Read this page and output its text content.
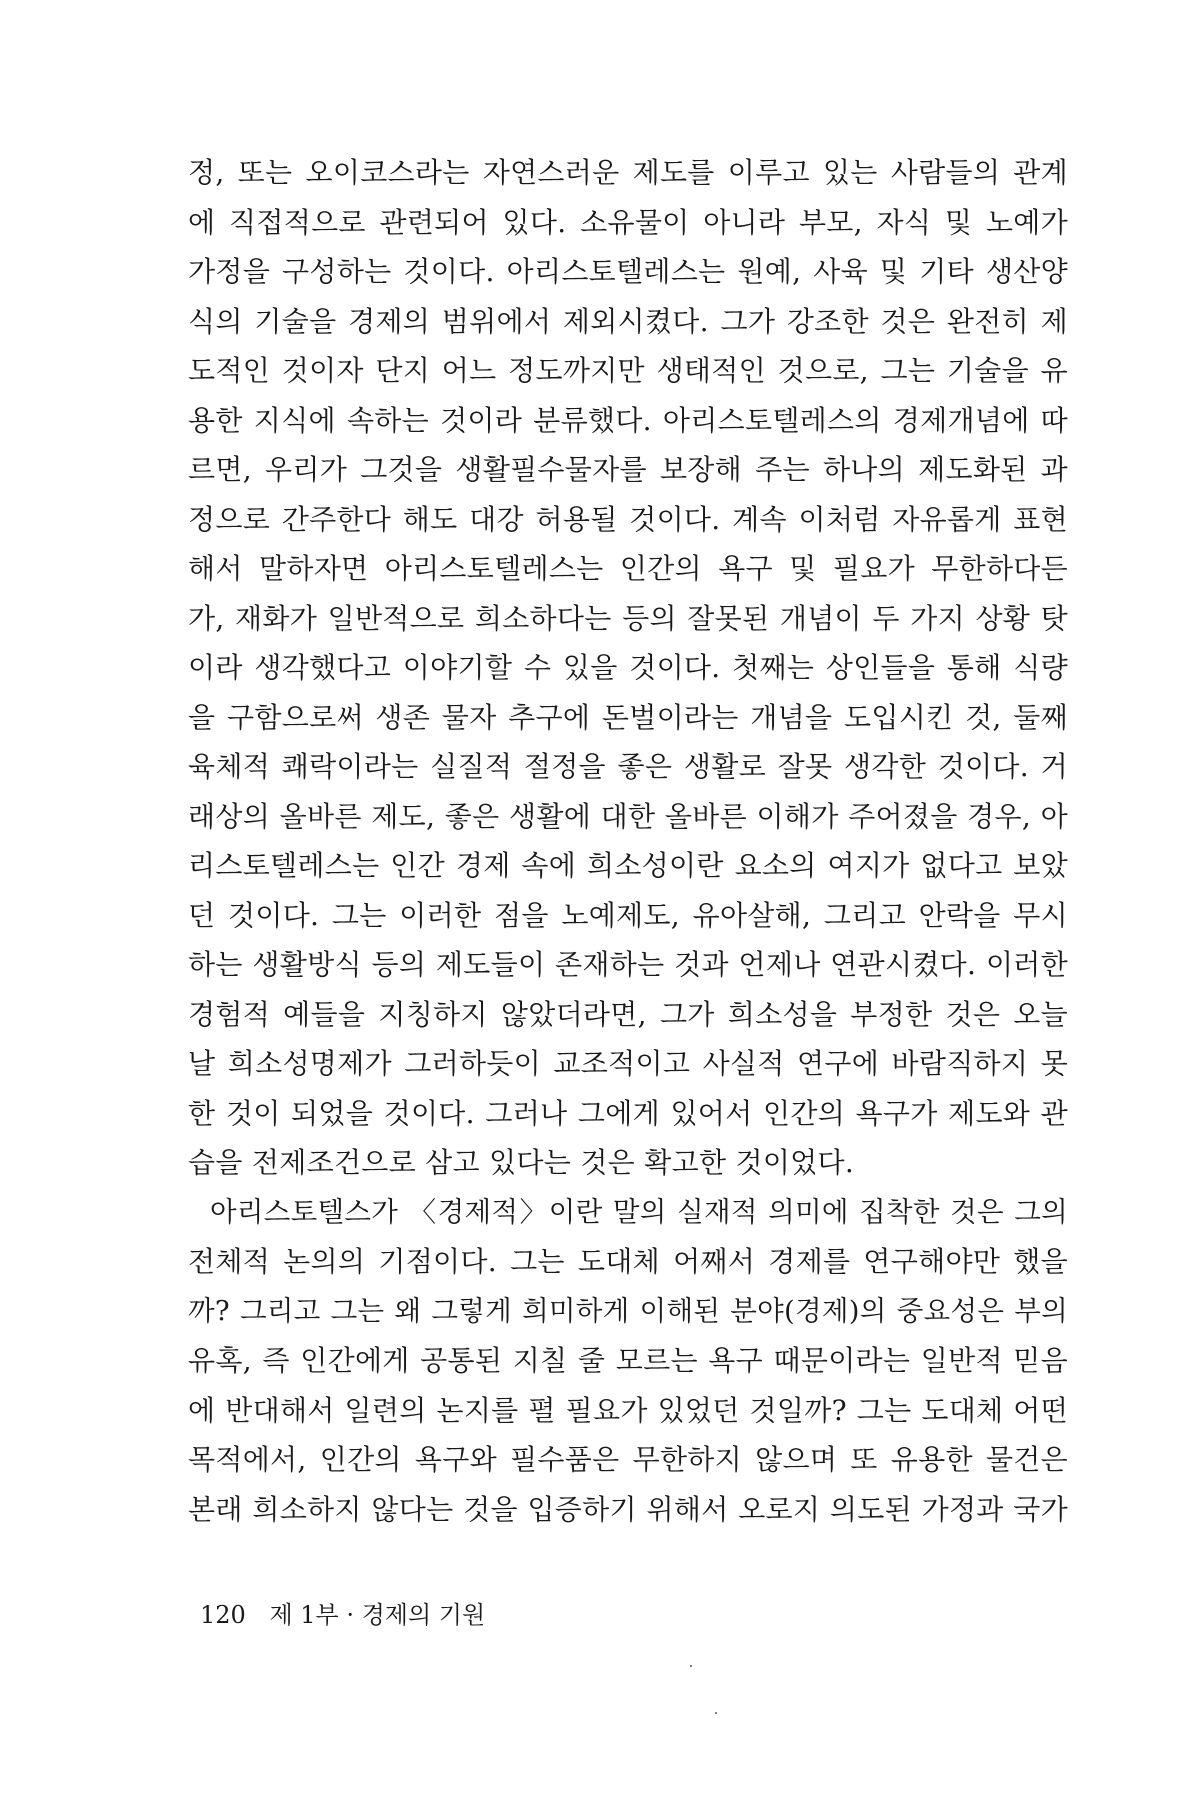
정, 또는 오이코스라는 자연스러운 제도를 이루고 있는 사람들의 관계
에 직접적으로 관련되어 있다. 소유물이 아니라 부모, 자식 및 노예가
가정을 구성하는 것이다. 아리스토텔레스는 원예, 사육 및 기타 생산양
식의 기술을 경제의 범위에서 제외시켰다. 그가 강조한 것은 완전히 제
도적인 것이자 단지 어느 정도까지만 생태적인 것으로, 그는 기술을 유
용한 지식에 속하는 것이라 분류했다. 아리스토텔레스의 경제개념에 따
르면, 우리가 그것을 생활필수물자를 보장해 주는 하나의 제도화된 과
정으로 간주한다 해도 대강 허용될 것이다. 계속 이처럼 자유롭게 표현
해서 말하자면 아리스토텔레스는 인간의 욕구 및 필요가 무한하다든
가, 재화가 일반적으로 희소하다는 등의 잘못된 개념이 두 가지 상황 탓
이라 생각했다고 이야기할 수 있을 것이다. 첫째는 상인들을 통해 식량
을 구함으로써 생존 물자 추구에 돈벌이라는 개념을 도입시킨 것, 둘째
육체적 쾌락이라는 실질적 절정을 좋은 생활로 잘못 생각한 것이다. 거
래상의 올바른 제도, 좋은 생활에 대한 올바른 이해가 주어졌을 경우, 아
리스토텔레스는 인간 경제 속에 희소성이란 요소의 여지가 없다고 보았
던 것이다. 그는 이러한 점을 노예제도, 유아살해, 그리고 안락을 무시
하는 생활방식 등의 제도들이 존재하는 것과 언제나 연관시켰다. 이러한
경험적 예들을 지칭하지 않았더라면, 그가 희소성을 부정한 것은 오늘
날 희소성명제가 그러하듯이 교조적이고 사실적 연구에 바람직하지 못
한 것이 되었을 것이다. 그러나 그에게 있어서 인간의 욕구가 제도와 관
습을 전제조건으로 삼고 있다는 것은 확고한 것이었다.
아리스토텔스가 〈경제적〉이란 말의 실재적 의미에 집착한 것은 그의
전체적 논의의 기점이다. 그는 도대체 어째서 경제를 연구해야만 했을
까? 그리고 그는 왜 그렇게 희미하게 이해된 분야(경제)의 중요성은 부의
유혹, 즉 인간에게 공통된 지칠 줄 모르는 욕구 때문이라는 일반적 믿음
에 반대해서 일련의 논지를 펼 필요가 있었던 것일까? 그는 도대체 어떤
목적에서, 인간의 욕구와 필수품은 무한하지 않으며 또 유용한 물건은
본래 희소하지 않다는 것을 입증하기 위해서 오로지 의도된 가정과 국가
120 제 1부 · 경제의 기원
